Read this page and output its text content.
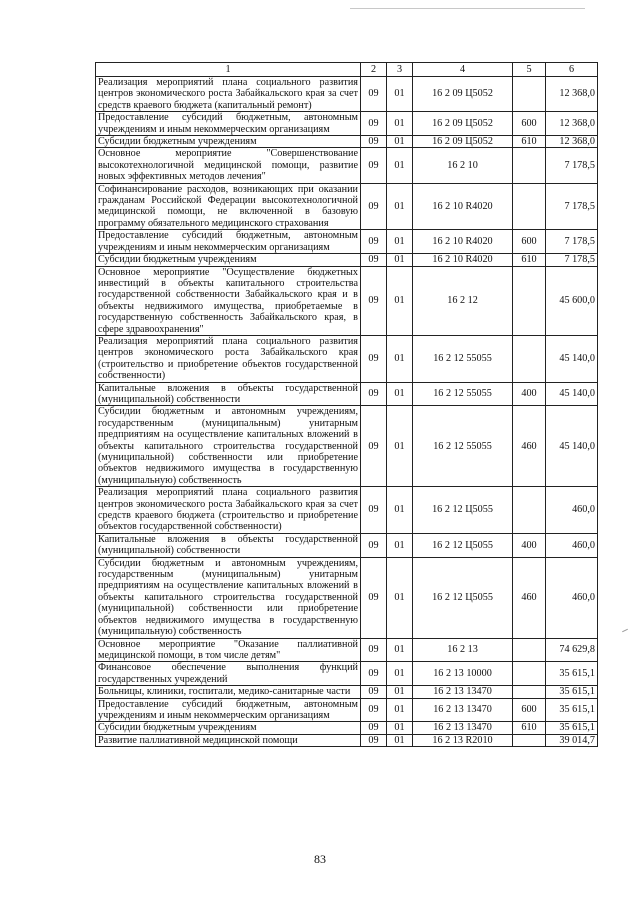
1	2	3	4	5	6
Реализация мероприятий плана социального развития центров экономического роста Забайкальского края за счет средств краевого бюджета (капитальный ремонт)	09	01	16 2 09 Ц5052		12 368,0
Предоставление субсидий бюджетным, автономным учреждениям и иным некоммерческим организациям	09	01	16 2 09 Ц5052	600	12 368,0
Субсидии бюджетным учреждениям	09	01	16 2 09 Ц5052	610	12 368,0
Основное мероприятие "Совершенствование высокотехнологичной медицинской помощи, развитие новых эффективных методов лечения"	09	01	16 2 10		7 178,5
Софинансирование расходов, возникающих при оказании гражданам Российской Федерации высокотехнологичной медицинской помощи, не включенной в базовую программу обязательного медицинского страхования	09	01	16 2 10 R4020		7 178,5
Предоставление субсидий бюджетным, автономным учреждениям и иным некоммерческим организациям	09	01	16 2 10 R4020	600	7 178,5
Субсидии бюджетным учреждениям	09	01	16 2 10 R4020	610	7 178,5
Основное мероприятие "Осуществление бюджетных инвестиций в объекты капитального строительства государственной собственности Забайкальского края и в объекты недвижимого имущества, приобретаемые в государственную собственность Забайкальского края, в сфере здравоохранения"	09	01	16 2 12		45 600,0
Реализация мероприятий плана социального развития центров экономического роста Забайкальского края (строительство и приобретение объектов государственной собственности)	09	01	16 2 12 55055		45 140,0
Капитальные вложения в объекты государственной (муниципальной) собственности	09	01	16 2 12 55055	400	45 140,0
Субсидии бюджетным и автономным учреждениям, государственным (муниципальным) унитарным предприятиям на осуществление капитальных вложений в объекты капитального строительства государственной (муниципальной) собственности или приобретение объектов недвижимого имущества в государственную (муниципальную) собственность	09	01	16 2 12 55055	460	45 140,0
Реализация мероприятий плана социального развития центров экономического роста Забайкальского края за счет средств краевого бюджета (строительство и приобретение объектов государственной собственности)	09	01	16 2 12 Ц5055		460,0
Капитальные вложения в объекты государственной (муниципальной) собственности	09	01	16 2 12 Ц5055	400	460,0
Субсидии бюджетным и автономным учреждениям, государственным (муниципальным) унитарным предприятиям на осуществление капитальных вложений в объекты капитального строительства государственной (муниципальной) собственности или приобретение объектов недвижимого имущества в государственную (муниципальную) собственность	09	01	16 2 12 Ц5055	460	460,0
Основное мероприятие "Оказание паллиативной медицинской помощи, в том числе детям"	09	01	16 2 13		74 629,8
Финансовое обеспечение выполнения функций государственных учреждений	09	01	16 2 13 10000		35 615,1
Больницы, клиники, госпитали, медико-санитарные части	09	01	16 2 13 13470		35 615,1
Предоставление субсидий бюджетным, автономным учреждениям и иным некоммерческим организациям	09	01	16 2 13 13470	600	35 615,1
Субсидии бюджетным учреждениям	09	01	16 2 13 13470	610	35 615,1
Развитие паллиативной медицинской помощи	09	01	16 2 13 R2010		39 014,7
83
